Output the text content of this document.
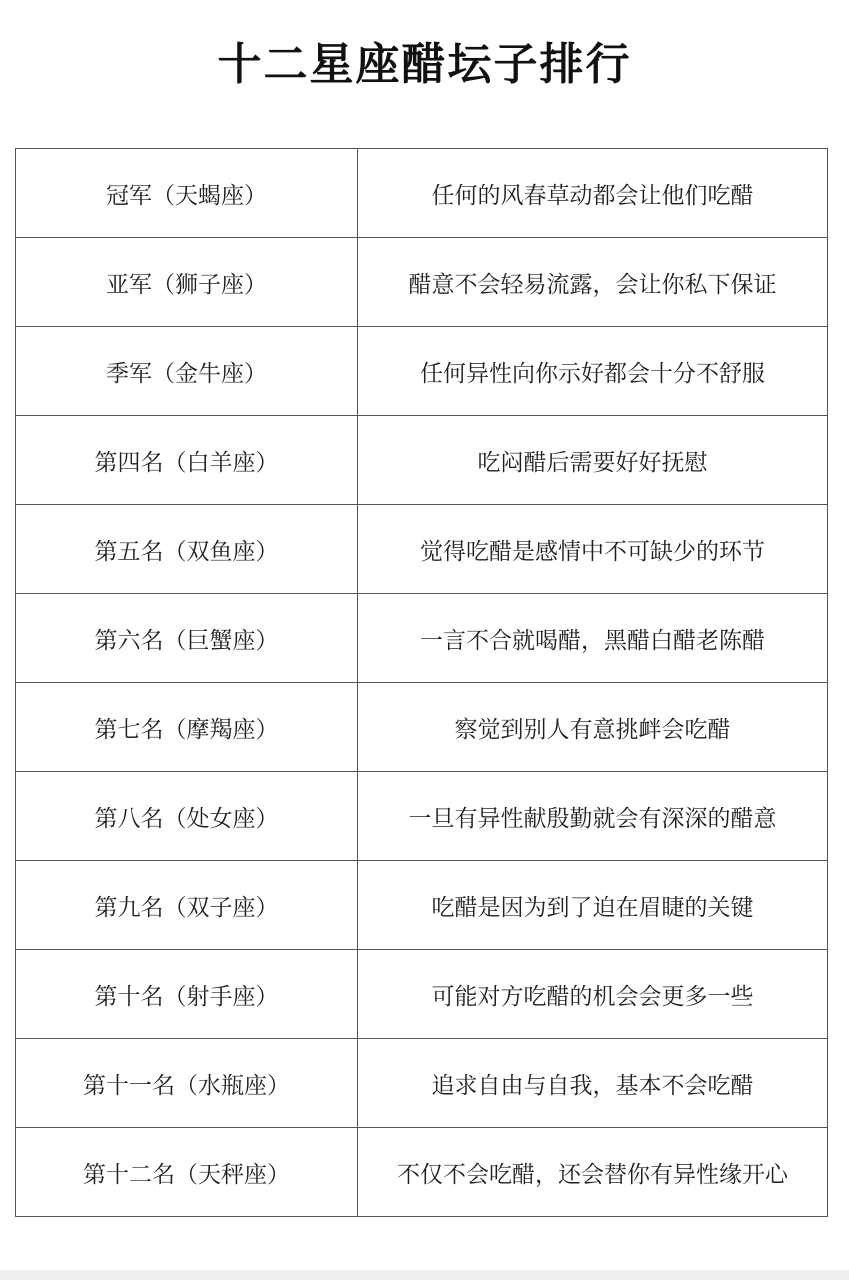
十二星座醋坛子排行
冠军（天蝎座）	任何的风春草动都会让他们吃醋
亚军（狮子座）	醋意不会轻易流露，会让你私下保证
季军（金牛座）	任何异性向你示好都会十分不舒服
第四名（白羊座）	吃闷醋后需要好好抚慰
第五名（双鱼座）	觉得吃醋是感情中不可缺少的环节
第六名（巨蟹座）	一言不合就喝醋，黑醋白醋老陈醋
第七名（摩羯座）	察觉到别人有意挑衅会吃醋
第八名（处女座）	一旦有异性献殷勤就会有深深的醋意
第九名（双子座）	吃醋是因为到了迫在眉睫的关键
第十名（射手座）	可能对方吃醋的机会会更多一些
第十一名（水瓶座）	追求自由与自我，基本不会吃醋
第十二名（天秤座）	不仅不会吃醋，还会替你有异性缘开心
